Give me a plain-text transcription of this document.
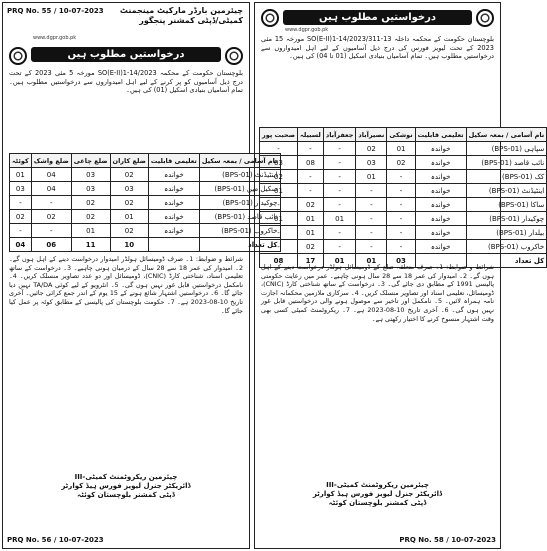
PRQ No. 55 / 10-07-2023 چیئرمین بارڈر مارکیٹ مینجمنٹ
کمیٹی/ڈپٹی کمشنر پنجگور
www.dgpr.gob.pk
درخواستیں مطلوب ہیں
بلوچستان حکومت کے محکمہ SO(E-II)1-14/2023 مورخہ 5 مئی 2023 کے تحت درج ذیل آسامیوں کو پر کرنے کے لیے اہل امیدواروں سے درخواستیں مطلوب ہیں۔ تمام آسامیاں بنیادی اسکیل (01) کی ہیں۔
نام آسامی / بمعہ سکیل	تعلیمی قابلیت	ضلع کاران	ضلع چاغی	ضلع واشک	کوئٹہ
اینٹیڈنٹ (BPS-01)	خواندہ	02	03	04	01
سکیل مین (BPS-01)	خواندہ	03	03	04	03
چوکیدار (BPS-01)	خواندہ	02	02	-	-
نائب قاصد (BPS-01)	خواندہ	01	02	02	02
خاکروب (BPS-01)	خواندہ	02	01	-	-
کل تعداد		10	11	06	04
شرائط و ضوابط: 1۔ صرف ڈومیسائل ہولڈر امیدوار درخواست دینے کے اہل ہوں گے۔ 2۔ امیدوار کی عمر 18 سے 28 سال کے درمیان ہونی چاہیے۔ 3۔ درخواست کے ساتھ تعلیمی اسناد، شناختی کارڈ (CNIC)، ڈومیسائل اور دو عدد تصاویر منسلک کریں۔ 4۔ نامکمل درخواستیں قابل غور نہیں ہوں گی۔ 5۔ انٹرویو کے لیے کوئی TA/DA نہیں دیا جائے گا۔ 6۔ درخواستیں اشتہار شائع ہونے کے 15 یوم کے اندر جمع کرائی جائیں۔ آخری تاریخ 10-08-2023 ہے۔ 7۔ حکومت بلوچستان کی پالیسی کے مطابق کوٹہ پر عمل کیا جائے گا۔
چیئرمین ریکروٹمنٹ کمیٹی-III
ڈائریکٹر جنرل لیویز فورس ہیڈ کوارٹر
ڈپٹی کمشنر بلوچستان کوئٹہ
PRQ No. 56 / 10-07-2023
درخواستیں مطلوب ہیں
www.dgpr.gob.pk
بلوچستان حکومت کے محکمہ داخلہ SO(E-II)1-14/2023/311-13 مورخہ 15 مئی 2023 کے تحت لیویز فورس کی درج ذیل آسامیوں کے لیے اہل امیدواروں سے درخواستیں مطلوب ہیں۔ تمام آسامیاں بنیادی اسکیل (01 تا 04) کی ہیں۔
نام آسامی / بمعہ سکیل	تعلیمی قابلیت	نوشکی	نصیرآباد	جعفرآباد	لسبیلہ	صحبت پور
سپاہی (BPS-01)	خواندہ	01	02	-	-	-
نائب قاصد (BPS-01)	خواندہ	02	03	-	08	03
کک (BPS-01)	خواندہ	-	01	-	-	02
اینٹیڈنٹ (BPS-01)	خواندہ	-	-	-	-	01
ساکا (BPS-01)	خواندہ	-	-	-	02	-
چوکیدار (BPS-01)	خواندہ	-	-	01	01	01
بیلدار (BPS-01)	خواندہ	-	-	-	01	-
خاکروب (BPS-01)	خواندہ	-	-	-	02	-
کل تعداد		03	01	01	17	08
شرائط و ضوابط: 1۔ صرف متعلقہ ضلع کے ڈومیسائل ہولڈر درخواست دینے کے اہل ہوں گے۔ 2۔ امیدوار کی عمر 18 سے 28 سال ہونی چاہیے۔ عمر میں رعایت حکومتی پالیسی 1991 کے مطابق دی جائے گی۔ 3۔ درخواست کے ساتھ شناختی کارڈ (CNIC)، ڈومیسائل، تعلیمی اسناد اور تصاویر منسلک کریں۔ 4۔ سرکاری ملازمین محکمانہ اجازت نامہ ہمراہ لائیں۔ 5۔ نامکمل اور تاخیر سے موصول ہونے والی درخواستیں قابل غور نہیں ہوں گی۔ 6۔ آخری تاریخ 10-08-2023 ہے۔ 7۔ ریکروٹمنٹ کمیٹی کسی بھی وقت اشتہار منسوخ کرنے کا اختیار رکھتی ہے۔
چیئرمین ریکروٹمنٹ کمیٹی-III
ڈائریکٹر جنرل لیویز فورس ہیڈ کوارٹر
ڈپٹی کمشنر بلوچستان کوئٹہ
PRQ No. 58 / 10-07-2023
